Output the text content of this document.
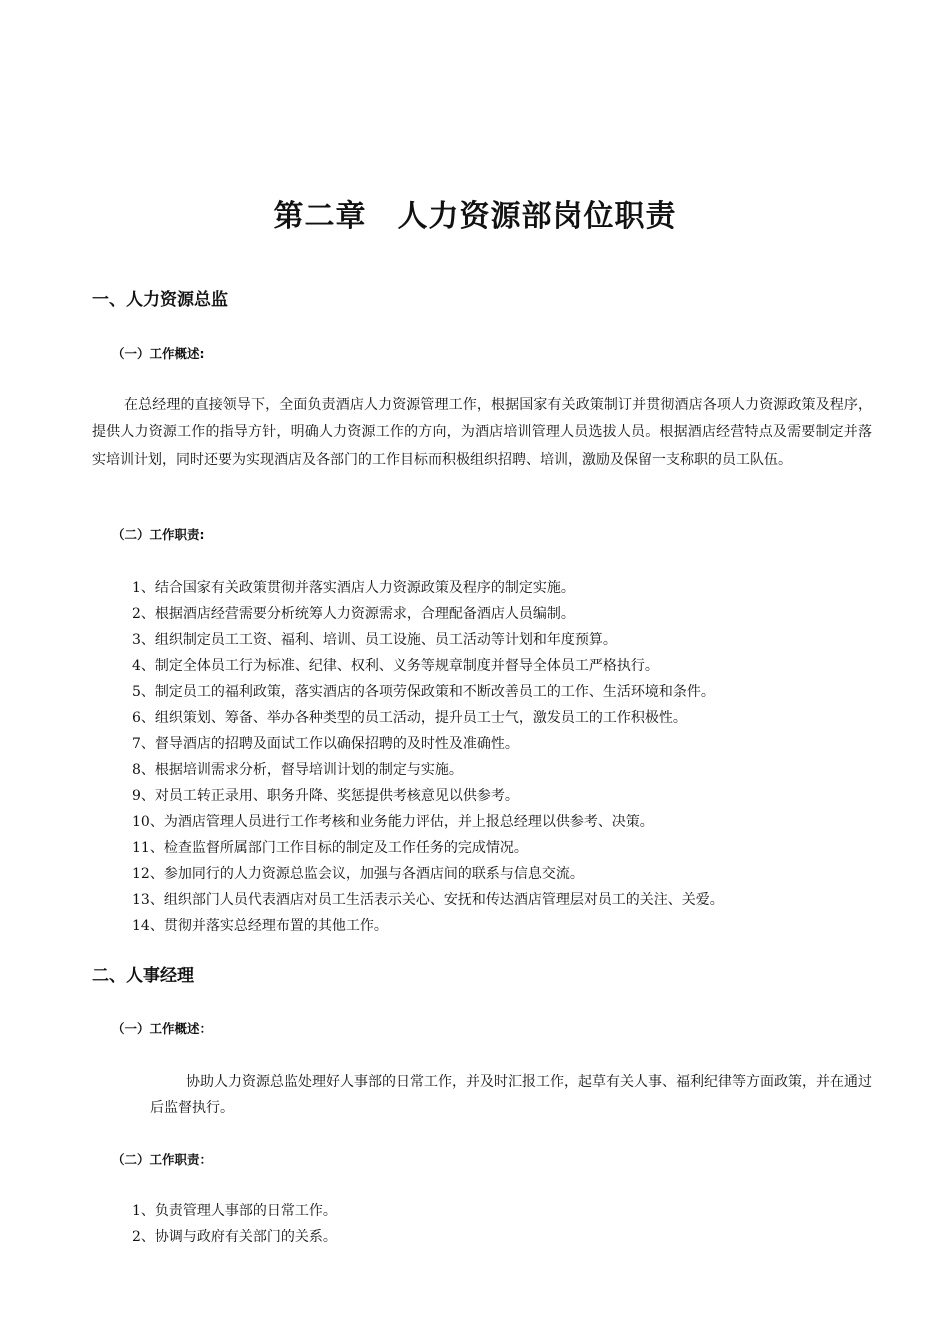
第二章　人力资源部岗位职责
一、人力资源总监
（一）工作概述:

在总经理的直接领导下，全面负责酒店人力资源管理工作，根据国家有关政策制订并贯彻酒店各项人力资源政策及程序，提供人力资源工作的指导方针，明确人力资源工作的方向，为酒店培训管理人员选拔人员。根据酒店经营特点及需要制定并落实培训计划，同时还要为实现酒店及各部门的工作目标而积极组织招聘、培训，激励及保留一支称职的员工队伍。

（二）工作职责:
1、结合国家有关政策贯彻并落实酒店人力资源政策及程序的制定实施。
2、根据酒店经营需要分析统筹人力资源需求，合理配备酒店人员编制。
3、组织制定员工工资、福利、培训、员工设施、员工活动等计划和年度预算。
4、制定全体员工行为标准、纪律、权利、义务等规章制度并督导全体员工严格执行。
5、制定员工的福利政策，落实酒店的各项劳保政策和不断改善员工的工作、生活环境和条件。
6、组织策划、筹备、举办各种类型的员工活动，提升员工士气，激发员工的工作积极性。
7、督导酒店的招聘及面试工作以确保招聘的及时性及准确性。
8、根据培训需求分析，督导培训计划的制定与实施。
9、对员工转正录用、职务升降、奖惩提供考核意见以供参考。
10、为酒店管理人员进行工作考核和业务能力评估，并上报总经理以供参考、决策。
11、检查监督所属部门工作目标的制定及工作任务的完成情况。
12、参加同行的人力资源总监会议，加强与各酒店间的联系与信息交流。
13、组织部门人员代表酒店对员工生活表示关心、安抚和传达酒店管理层对员工的关注、关爱。
14、贯彻并落实总经理布置的其他工作。
二、人事经理
（一）工作概述：

协助人力资源总监处理好人事部的日常工作，并及时汇报工作，起草有关人事、福利纪律等方面政策，并在通过后监督执行。

（二）工作职责：
1、负责管理人事部的日常工作。
2、协调与政府有关部门的关系。
